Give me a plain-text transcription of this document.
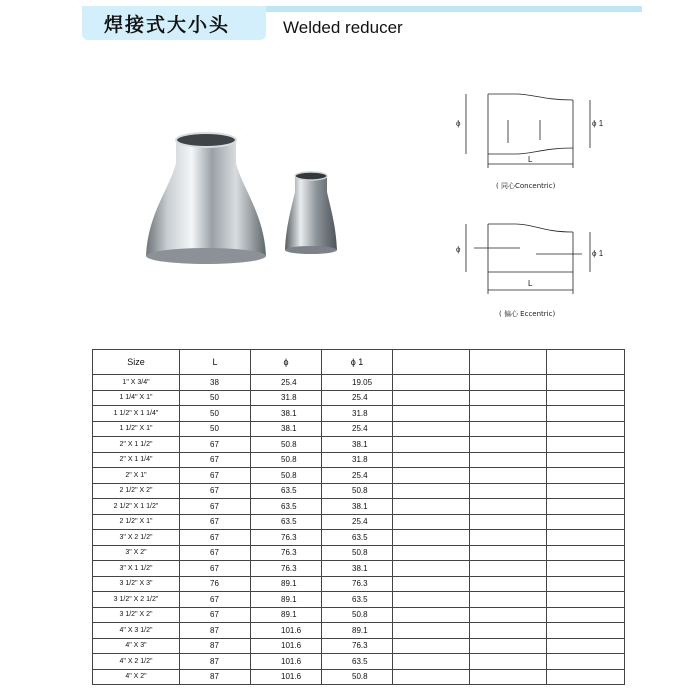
焊接式大小头	Welded reducer
ϕ	ϕ 1
L
( 同心Concentric)
ϕ	ϕ 1
L
( 偏心 Eccentric)
Size	L	ϕ	ϕ 1			
1" X 3/4"	38	25.4	19.05			
1 1/4" X 1"	50	31.8	25.4			
1 1/2" X 1 1/4"	50	38.1	31.8			
1 1/2" X 1"	50	38.1	25.4			
2" X 1 1/2"	67	50.8	38.1			
2" X 1 1/4"	67	50.8	31.8			
2" X 1"	67	50.8	25.4			
2 1/2" X 2"	67	63.5	50.8			
2 1/2" X 1 1/2"	67	63.5	38.1			
2 1/2" X 1"	67	63.5	25.4			
3" X 2 1/2"	67	76.3	63.5			
3" X 2"	67	76.3	50.8			
3" X 1 1/2"	67	76.3	38.1			
3 1/2" X 3"	76	89.1	76.3			
3 1/2" X 2 1/2"	67	89.1	63.5			
3 1/2" X 2"	67	89.1	50.8			
4" X 3 1/2"	87	101.6	89.1			
4" X 3"	87	101.6	76.3			
4" X 2 1/2"	87	101.6	63.5			
4" X 2"	87	101.6	50.8			
